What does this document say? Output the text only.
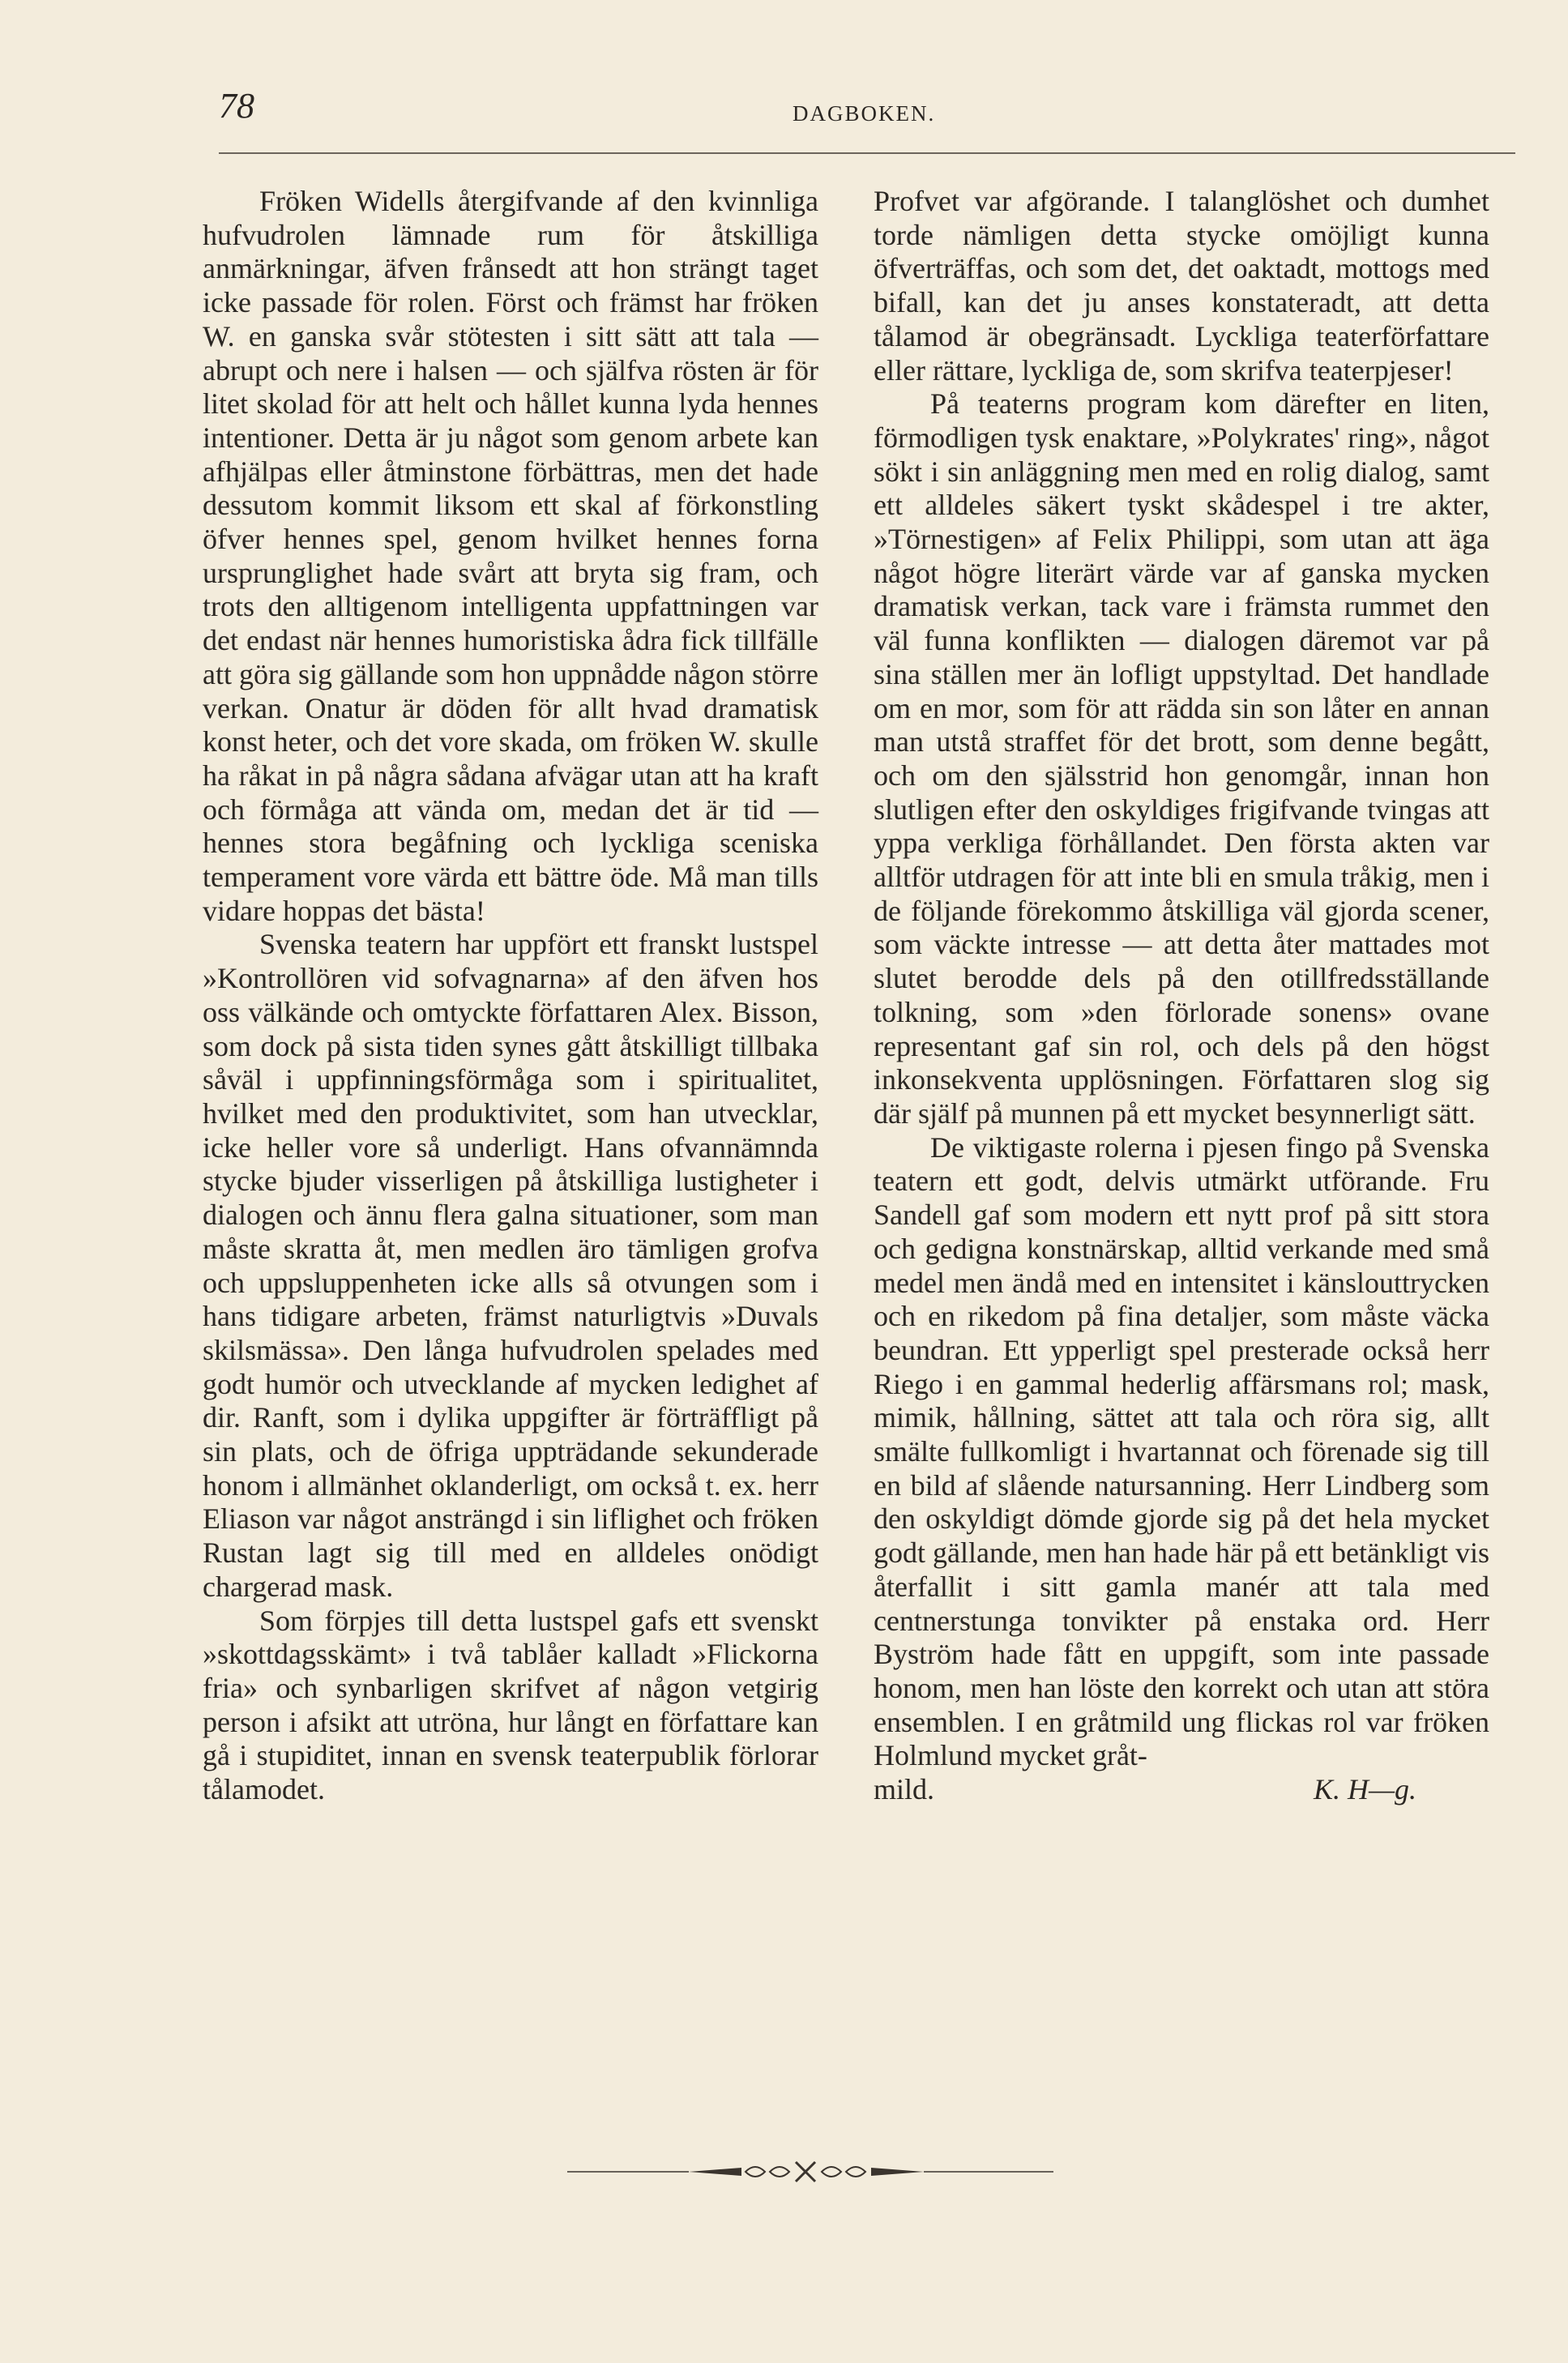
78	DAGBOKEN.

Fröken Widells återgifvande af den kvinnliga hufvudrolen lämnade rum för åtskilliga anmärkningar, äfven frånsedt att hon strängt taget icke passade för rolen. Först och främst har fröken W. en ganska svår stötesten i sitt sätt att tala — abrupt och nere i halsen — och själfva rösten är för litet skolad för att helt och hållet kunna lyda hennes intentioner. Detta är ju något som genom arbete kan afhjälpas eller åtminstone förbättras, men det hade dessutom kommit liksom ett skal af förkonstling öfver hennes spel, genom hvilket hennes forna ursprunglighet hade svårt att bryta sig fram, och trots den alltigenom intelligenta uppfattningen var det endast när hennes humoristiska ådra fick tillfälle att göra sig gällande som hon uppnådde någon större verkan. Onatur är döden för allt hvad dramatisk konst heter, och det vore skada, om fröken W. skulle ha råkat in på några sådana afvägar utan att ha kraft och förmåga att vända om, medan det är tid — hennes stora begåfning och lyckliga sceniska temperament vore värda ett bättre öde. Må man tills vidare hoppas det bästa!

Svenska teatern har uppfört ett franskt lustspel »Kontrollören vid sofvagnarna» af den äfven hos oss välkände och omtyckte författaren Alex. Bisson, som dock på sista tiden synes gått åtskilligt tillbaka såväl i uppfinningsförmåga som i spiritualitet, hvilket med den produktivitet, som han utvecklar, icke heller vore så underligt. Hans ofvannämnda stycke bjuder visserligen på åtskilliga lustigheter i dialogen och ännu flera galna situationer, som man måste skratta åt, men medlen äro tämligen grofva och uppsluppenheten icke alls så otvungen som i hans tidigare arbeten, främst naturligtvis »Duvals skilsmässa». Den långa hufvudrolen spelades med godt humör och utvecklande af mycken ledighet af dir. Ranft, som i dylika uppgifter är förträffligt på sin plats, och de öfriga uppträdande sekunderade honom i allmänhet oklanderligt, om också t. ex. herr Eliason var något ansträngd i sin liflighet och fröken Rustan lagt sig till med en alldeles onödigt chargerad mask.

Som förpjes till detta lustspel gafs ett svenskt »skottdagsskämt» i två tablåer kalladt »Flickorna fria» och synbarligen skrifvet af någon vetgirig person i afsikt att utröna, hur långt en författare kan gå i stupiditet, innan en svensk teaterpublik förlorar tålamodet.

Profvet var afgörande. I talanglöshet och dumhet torde nämligen detta stycke omöjligt kunna öfverträffas, och som det, det oaktadt, mottogs med bifall, kan det ju anses konstateradt, att detta tålamod är obegränsadt. Lyckliga teaterförfattare eller rättare, lyckliga de, som skrifva teaterpjeser!

På teaterns program kom därefter en liten, förmodligen tysk enaktare, »Polykrates' ring», något sökt i sin anläggning men med en rolig dialog, samt ett alldeles säkert tyskt skådespel i tre akter, »Törnestigen» af Felix Philippi, som utan att äga något högre literärt värde var af ganska mycken dramatisk verkan, tack vare i främsta rummet den väl funna konflikten — dialogen däremot var på sina ställen mer än lofligt uppstyltad. Det handlade om en mor, som för att rädda sin son låter en annan man utstå straffet för det brott, som denne begått, och om den själsstrid hon genomgår, innan hon slutligen efter den oskyldiges frigifvande tvingas att yppa verkliga förhållandet. Den första akten var alltför utdragen för att inte bli en smula tråkig, men i de följande förekommo åtskilliga väl gjorda scener, som väckte intresse — att detta åter mattades mot slutet berodde dels på den otillfredsställande tolkning, som »den förlorade sonens» ovane representant gaf sin rol, och dels på den högst inkonsekventa upplösningen. Författaren slog sig där själf på munnen på ett mycket besynnerligt sätt.

De viktigaste rolerna i pjesen fingo på Svenska teatern ett godt, delvis utmärkt utförande. Fru Sandell gaf som modern ett nytt prof på sitt stora och gedigna konstnärskap, alltid verkande med små medel men ändå med en intensitet i känslouttrycken och en rikedom på fina detaljer, som måste väcka beundran. Ett ypperligt spel presterade också herr Riego i en gammal hederlig affärsmans rol; mask, mimik, hållning, sättet att tala och röra sig, allt smälte fullkomligt i hvartannat och förenade sig till en bild af slående natursanning. Herr Lindberg som den oskyldigt dömde gjorde sig på det hela mycket godt gällande, men han hade här på ett betänkligt vis återfallit i sitt gamla manér att tala med centnerstunga tonvikter på enstaka ord. Herr Byström hade fått en uppgift, som inte passade honom, men han löste den korrekt och utan att störa ensemblen. I en gråtmild ung flickas rol var fröken Holmlund mycket gråt-

mild.	K. H—g.
